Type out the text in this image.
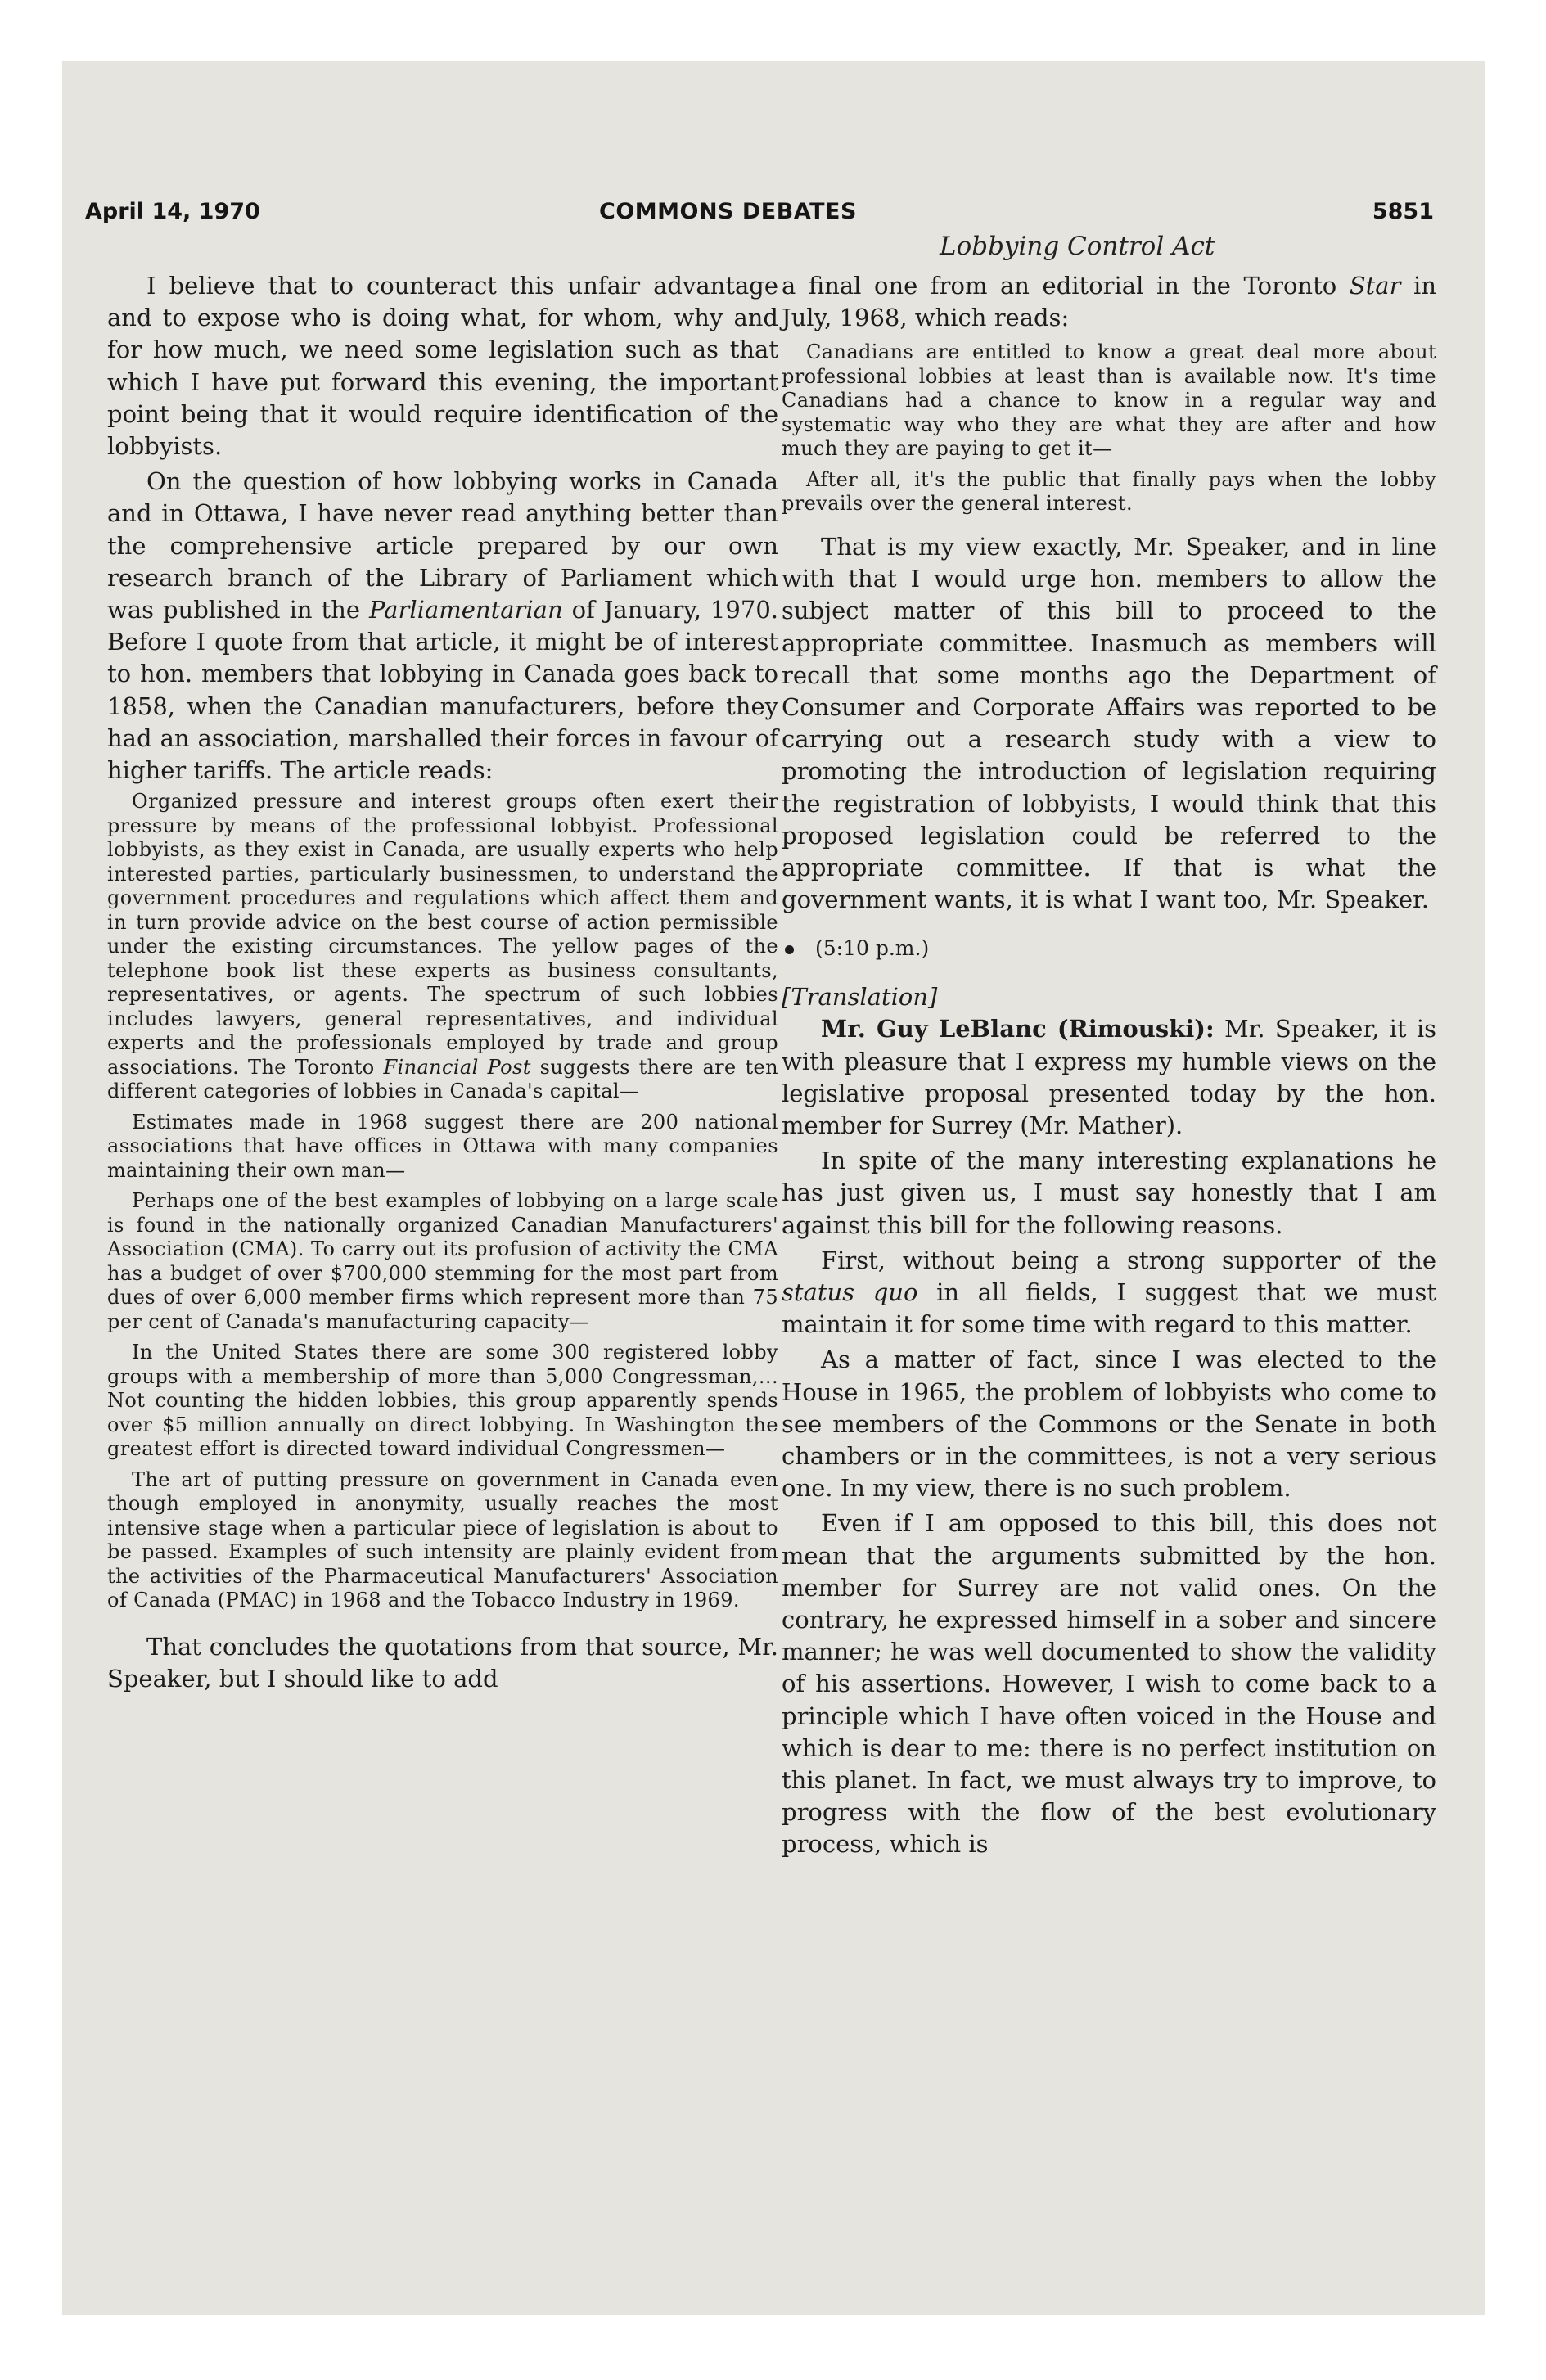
April 14, 1970	COMMONS DEBATES	5851
Lobbying Control Act

I believe that to counteract this unfair advantage and to expose who is doing what, for whom, why and for how much, we need some legislation such as that which I have put forward this evening, the important point being that it would require identification of the lobbyists.

On the question of how lobbying works in Canada and in Ottawa, I have never read anything better than the comprehensive article prepared by our own research branch of the Library of Parliament which was published in the Parliamentarian of January, 1970. Before I quote from that article, it might be of interest to hon. members that lobbying in Canada goes back to 1858, when the Canadian manufacturers, before they had an association, marshalled their forces in favour of higher tariffs. The article reads:

Organized pressure and interest groups often exert their pressure by means of the professional lobbyist. Professional lobbyists, as they exist in Canada, are usually experts who help interested parties, particularly businessmen, to understand the government procedures and regulations which affect them and in turn provide advice on the best course of action permissible under the existing circumstances. The yellow pages of the telephone book list these experts as business consultants, representatives, or agents. The spectrum of such lobbies includes lawyers, general representatives, and individual experts and the professionals employed by trade and group associations. The Toronto Financial Post suggests there are ten different categories of lobbies in Canada's capital—

Estimates made in 1968 suggest there are 200 national associations that have offices in Ottawa with many companies maintaining their own man—

Perhaps one of the best examples of lobbying on a large scale is found in the nationally organized Canadian Manufacturers' Association (CMA). To carry out its profusion of activity the CMA has a budget of over $700,000 stemming for the most part from dues of over 6,000 member firms which represent more than 75 per cent of Canada's manufacturing capacity—

In the United States there are some 300 registered lobby groups with a membership of more than 5,000 Congressman,... Not counting the hidden lobbies, this group apparently spends over $5 million annually on direct lobbying. In Washington the greatest effort is directed toward individual Congressmen—

The art of putting pressure on government in Canada even though employed in anonymity, usually reaches the most intensive stage when a particular piece of legislation is about to be passed. Examples of such intensity are plainly evident from the activities of the Pharmaceutical Manufacturers' Association of Canada (PMAC) in 1968 and the Tobacco Industry in 1969.

That concludes the quotations from that source, Mr. Speaker, but I should like to add

a final one from an editorial in the Toronto Star in July, 1968, which reads:

Canadians are entitled to know a great deal more about professional lobbies at least than is available now. It's time Canadians had a chance to know in a regular way and systematic way who they are what they are after and how much they are paying to get it—

After all, it's the public that finally pays when the lobby prevails over the general interest.

That is my view exactly, Mr. Speaker, and in line with that I would urge hon. members to allow the subject matter of this bill to proceed to the appropriate committee. Inasmuch as members will recall that some months ago the Department of Consumer and Corporate Affairs was reported to be carrying out a research study with a view to promoting the introduction of legislation requiring the registration of lobbyists, I would think that this proposed legislation could be referred to the appropriate committee. If that is what the government wants, it is what I want too, Mr. Speaker.

(5:10 p.m.)

[Translation]

Mr. Guy LeBlanc (Rimouski): Mr. Speaker, it is with pleasure that I express my humble views on the legislative proposal presented today by the hon. member for Surrey (Mr. Mather).

In spite of the many interesting explanations he has just given us, I must say honestly that I am against this bill for the following reasons.

First, without being a strong supporter of the status quo in all fields, I suggest that we must maintain it for some time with regard to this matter.

As a matter of fact, since I was elected to the House in 1965, the problem of lobbyists who come to see members of the Commons or the Senate in both chambers or in the committees, is not a very serious one. In my view, there is no such problem.

Even if I am opposed to this bill, this does not mean that the arguments submitted by the hon. member for Surrey are not valid ones. On the contrary, he expressed himself in a sober and sincere manner; he was well documented to show the validity of his assertions. However, I wish to come back to a principle which I have often voiced in the House and which is dear to me: there is no perfect institution on this planet. In fact, we must always try to improve, to progress with the flow of the best evolutionary process, which is
